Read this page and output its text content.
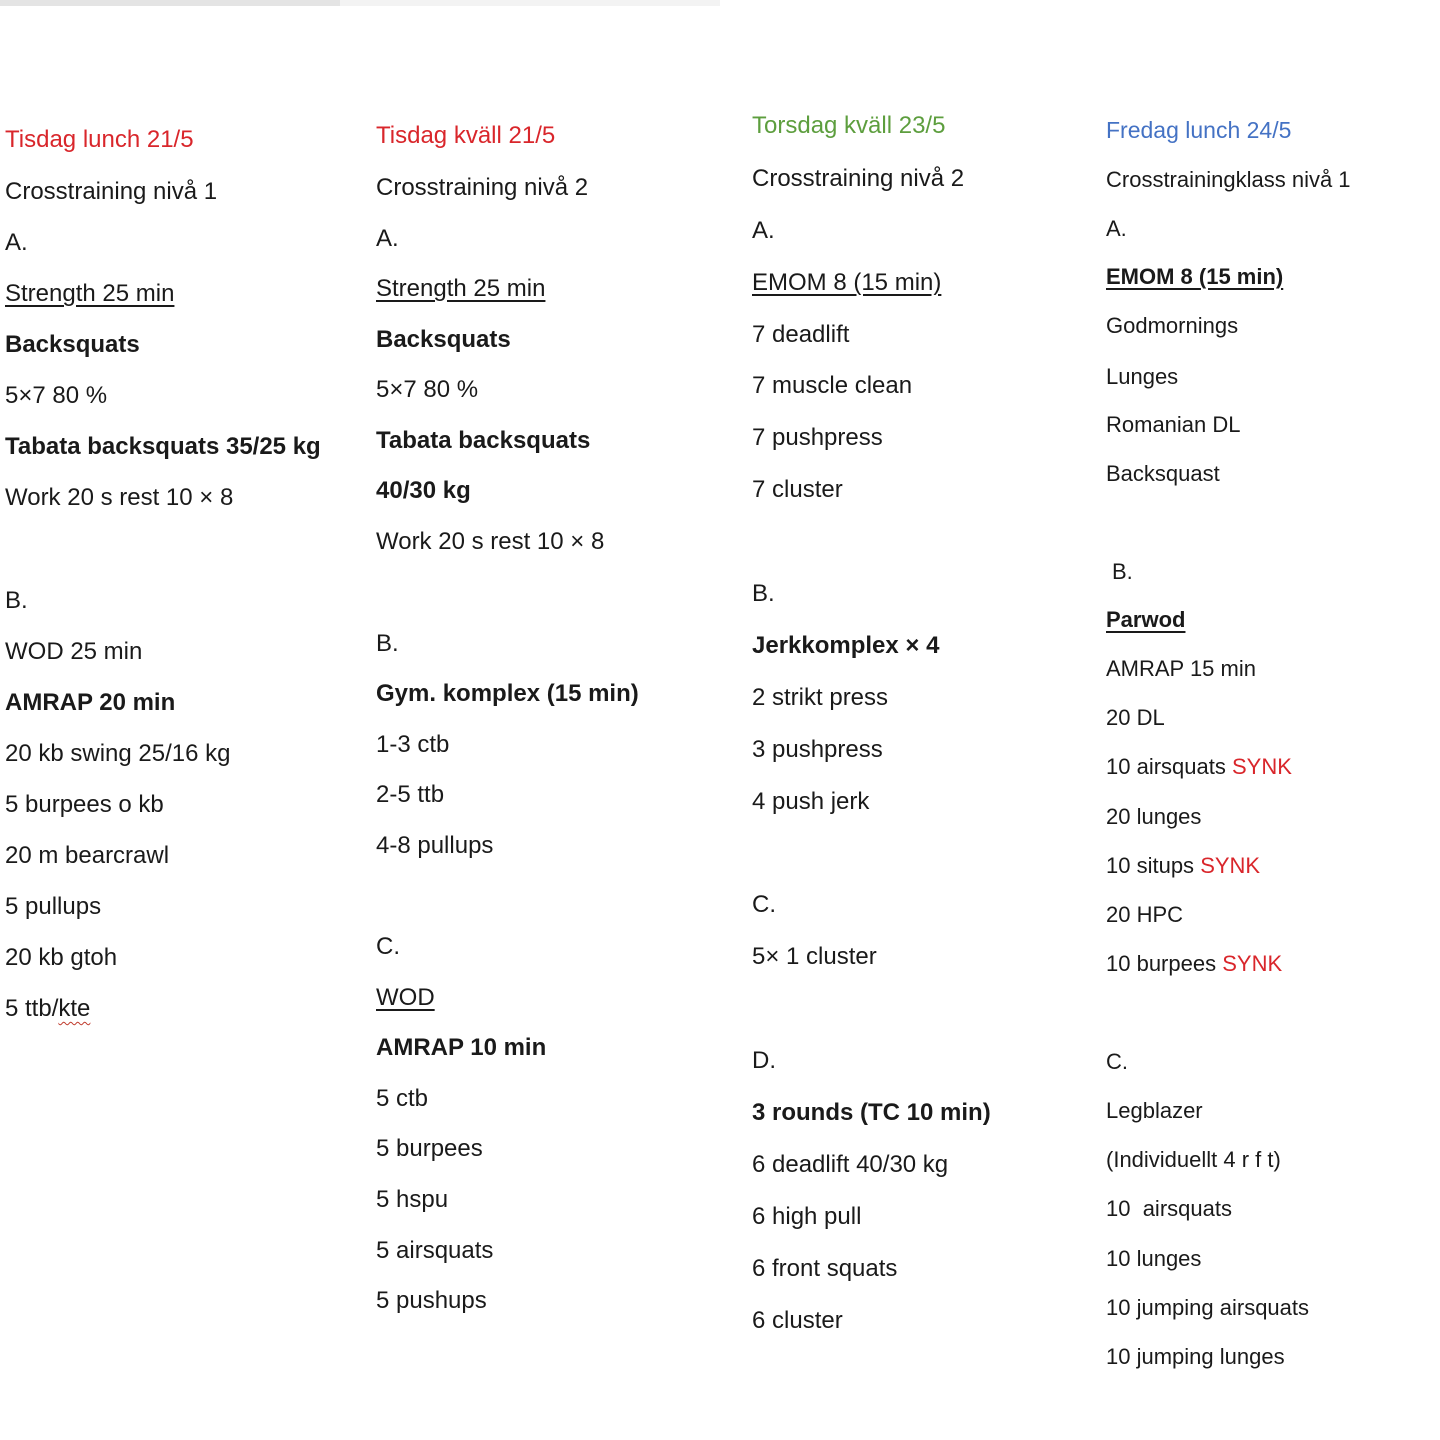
Tisdag lunch 21/5
Crosstraining nivå 1
A.
Strength 25 min
Backsquats
5×7 80 %
Tabata backsquats 35/25 kg
Work 20 s rest 10 × 8
B.
WOD 25 min
AMRAP 20 min
20 kb swing 25/16 kg
5 burpees o kb
20 m bearcrawl
5 pullups
20 kb gtoh
5 ttb/kte
Tisdag kväll 21/5
Crosstraining nivå 2
A.
Strength 25 min
Backsquats
5×7 80 %
Tabata backsquats
40/30 kg
Work 20 s rest 10 × 8
B.
Gym. komplex (15 min)
1-3 ctb
2-5 ttb
4-8 pullups
C.
WOD
AMRAP 10 min
5 ctb
5 burpees
5 hspu
5 airsquats
5 pushups
Torsdag kväll 23/5
Crosstraining nivå 2
A.
EMOM 8 (15 min)
7 deadlift
7 muscle clean
7 pushpress
7 cluster
B.
Jerkkomplex × 4
2 strikt press
3 pushpress
4 push jerk
C.
5× 1 cluster
D.
3 rounds (TC 10 min)
6 deadlift 40/30 kg
6 high pull
6 front squats
6 cluster
Fredag lunch 24/5
Crosstrainingklass nivå 1
A.
EMOM 8 (15 min)
Godmornings
Lunges
Romanian DL
Backsquast
B.
Parwod
AMRAP 15 min
20 DL
10 airsquats SYNK
20 lunges
10 situps SYNK
20 HPC
10 burpees SYNK
C.
Legblazer
(Individuellt 4 r f t)
10  airsquats
10 lunges
10 jumping airsquats
10 jumping lunges
